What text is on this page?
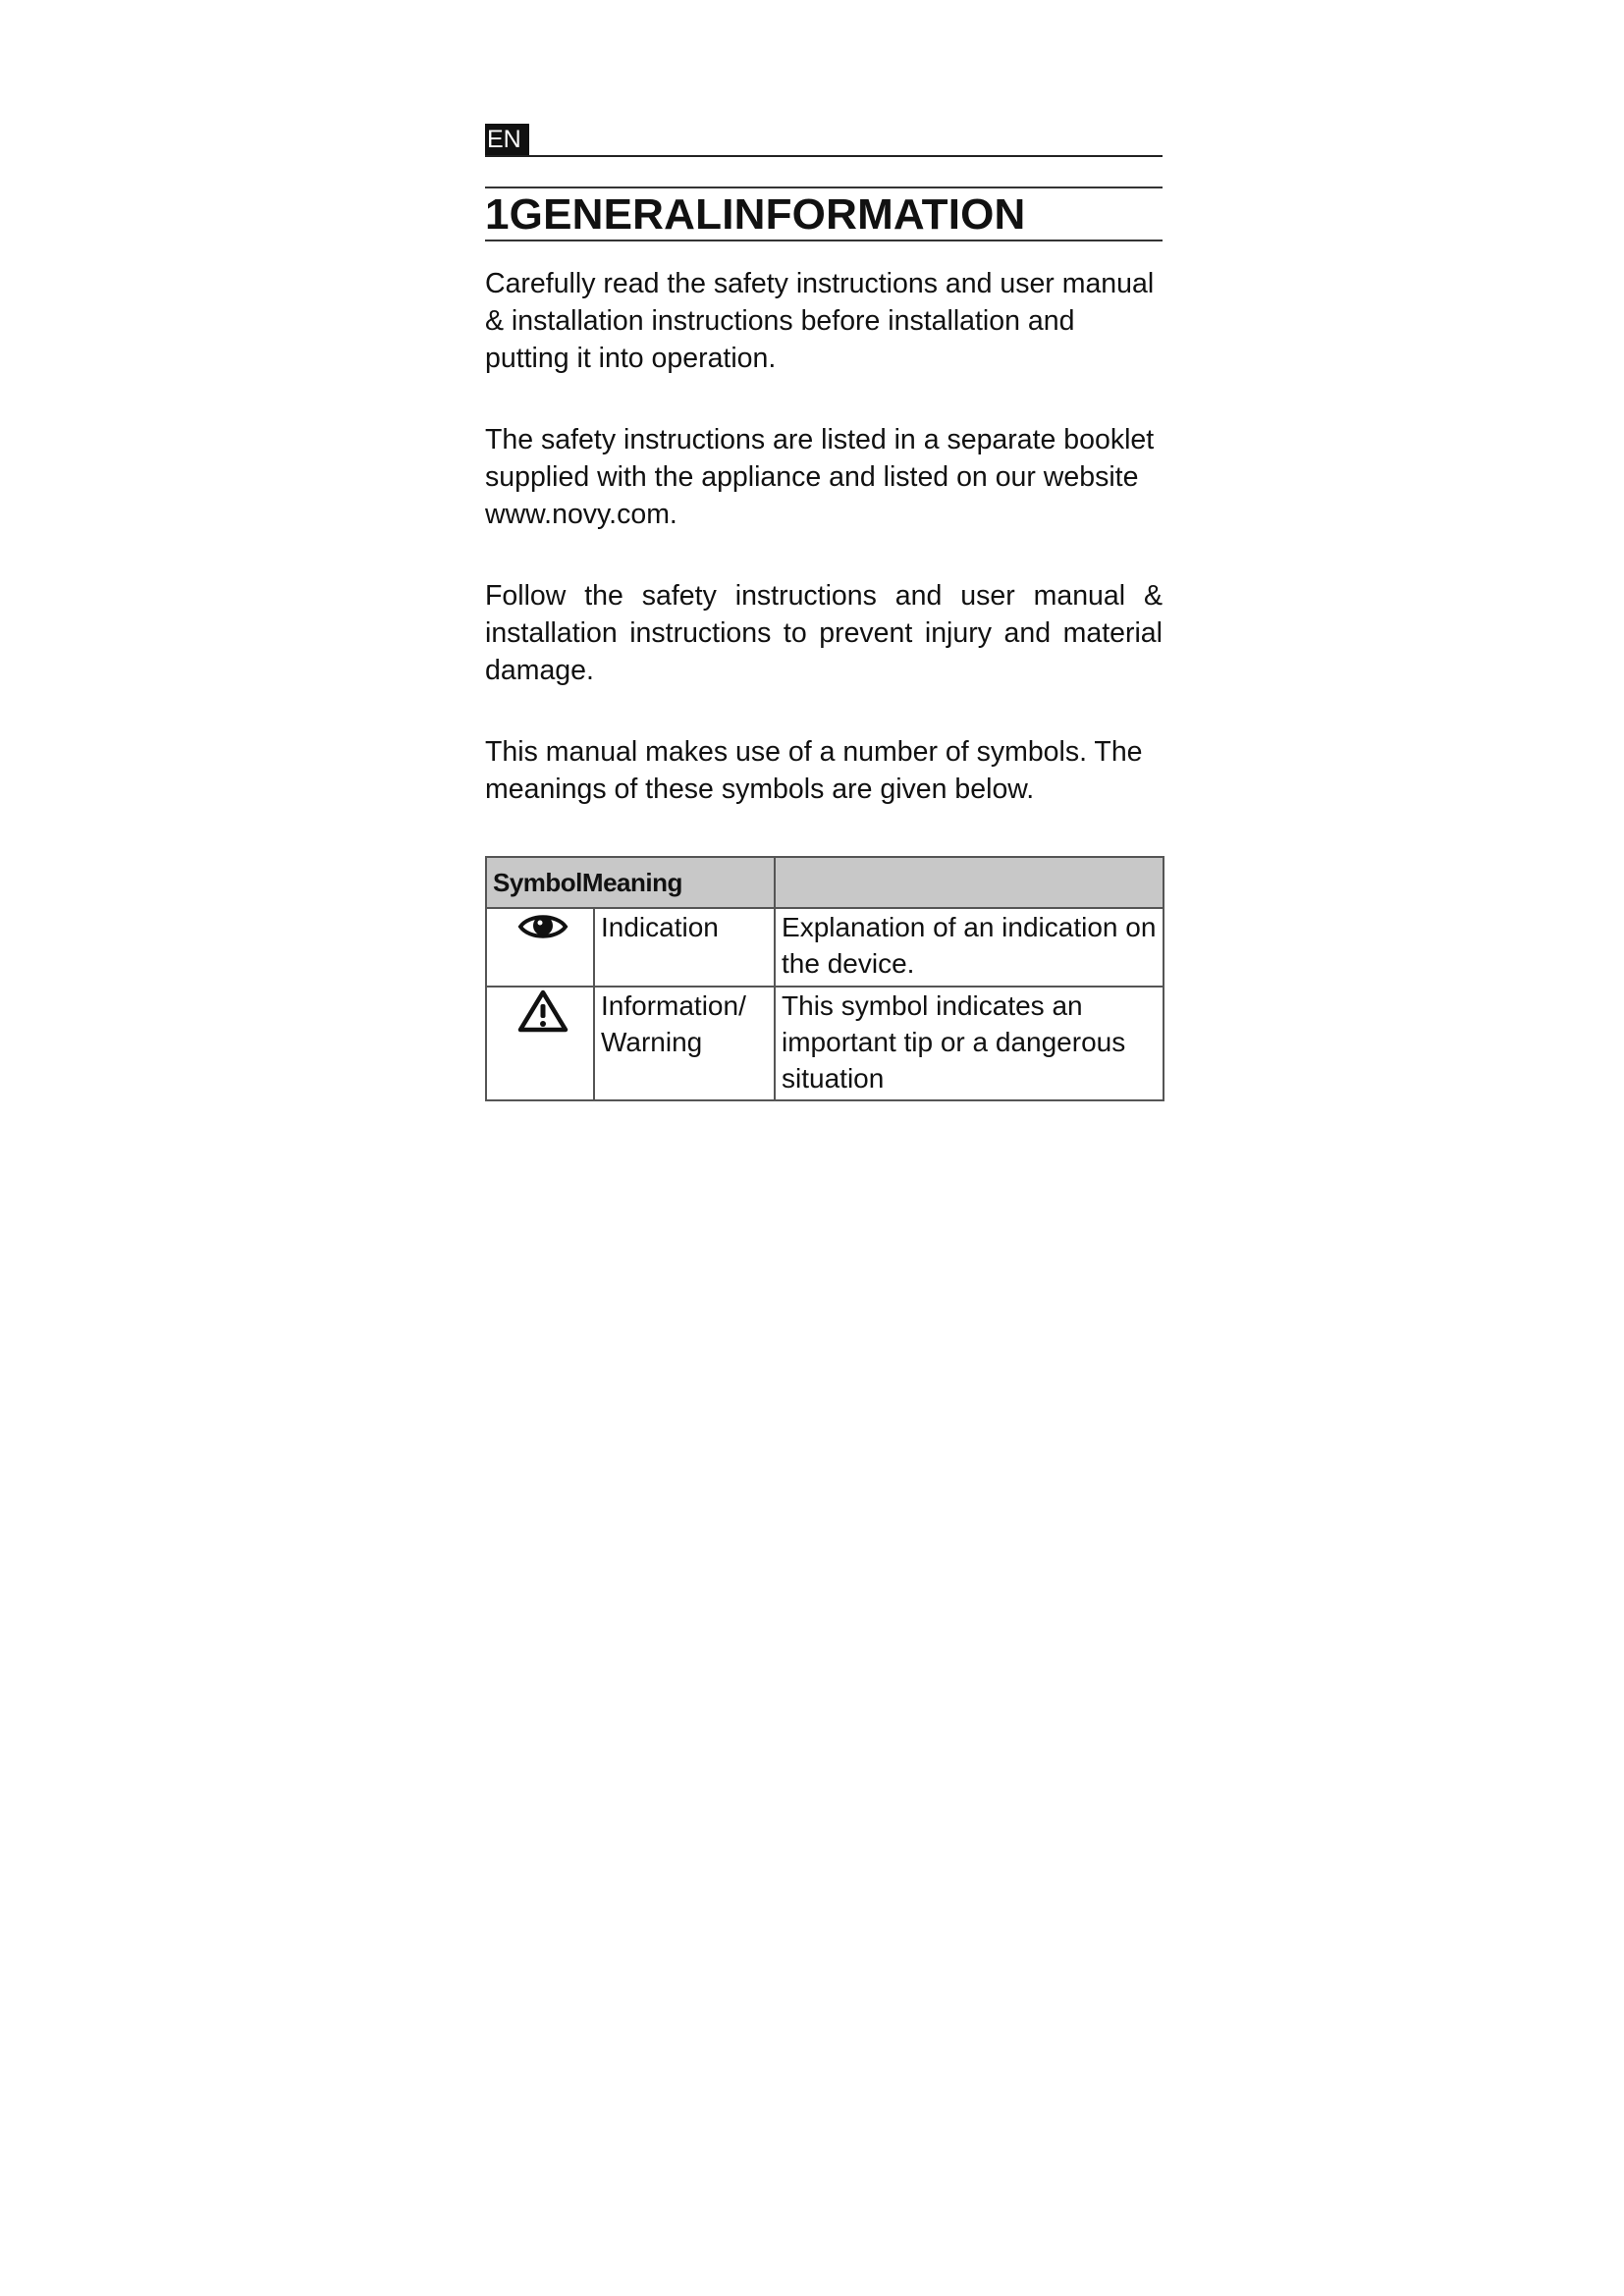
EN
1GENERALINFORMATION

Carefully read the safety instructions and user manual & installation instructions before installation and putting it into operation.

The safety instructions are listed in a separate booklet supplied with the appliance and listed on our website www.novy.com.

Follow the safety instructions and user manual & installation instructions to prevent injury and material damage.

This manual makes use of a number of symbols. The meanings of these symbols are given below.

SymbolMeaning		

	Indication	Explanation of an indication on the device.

	Information/ Warning	This symbol indicates an important tip or a dangerous situation
